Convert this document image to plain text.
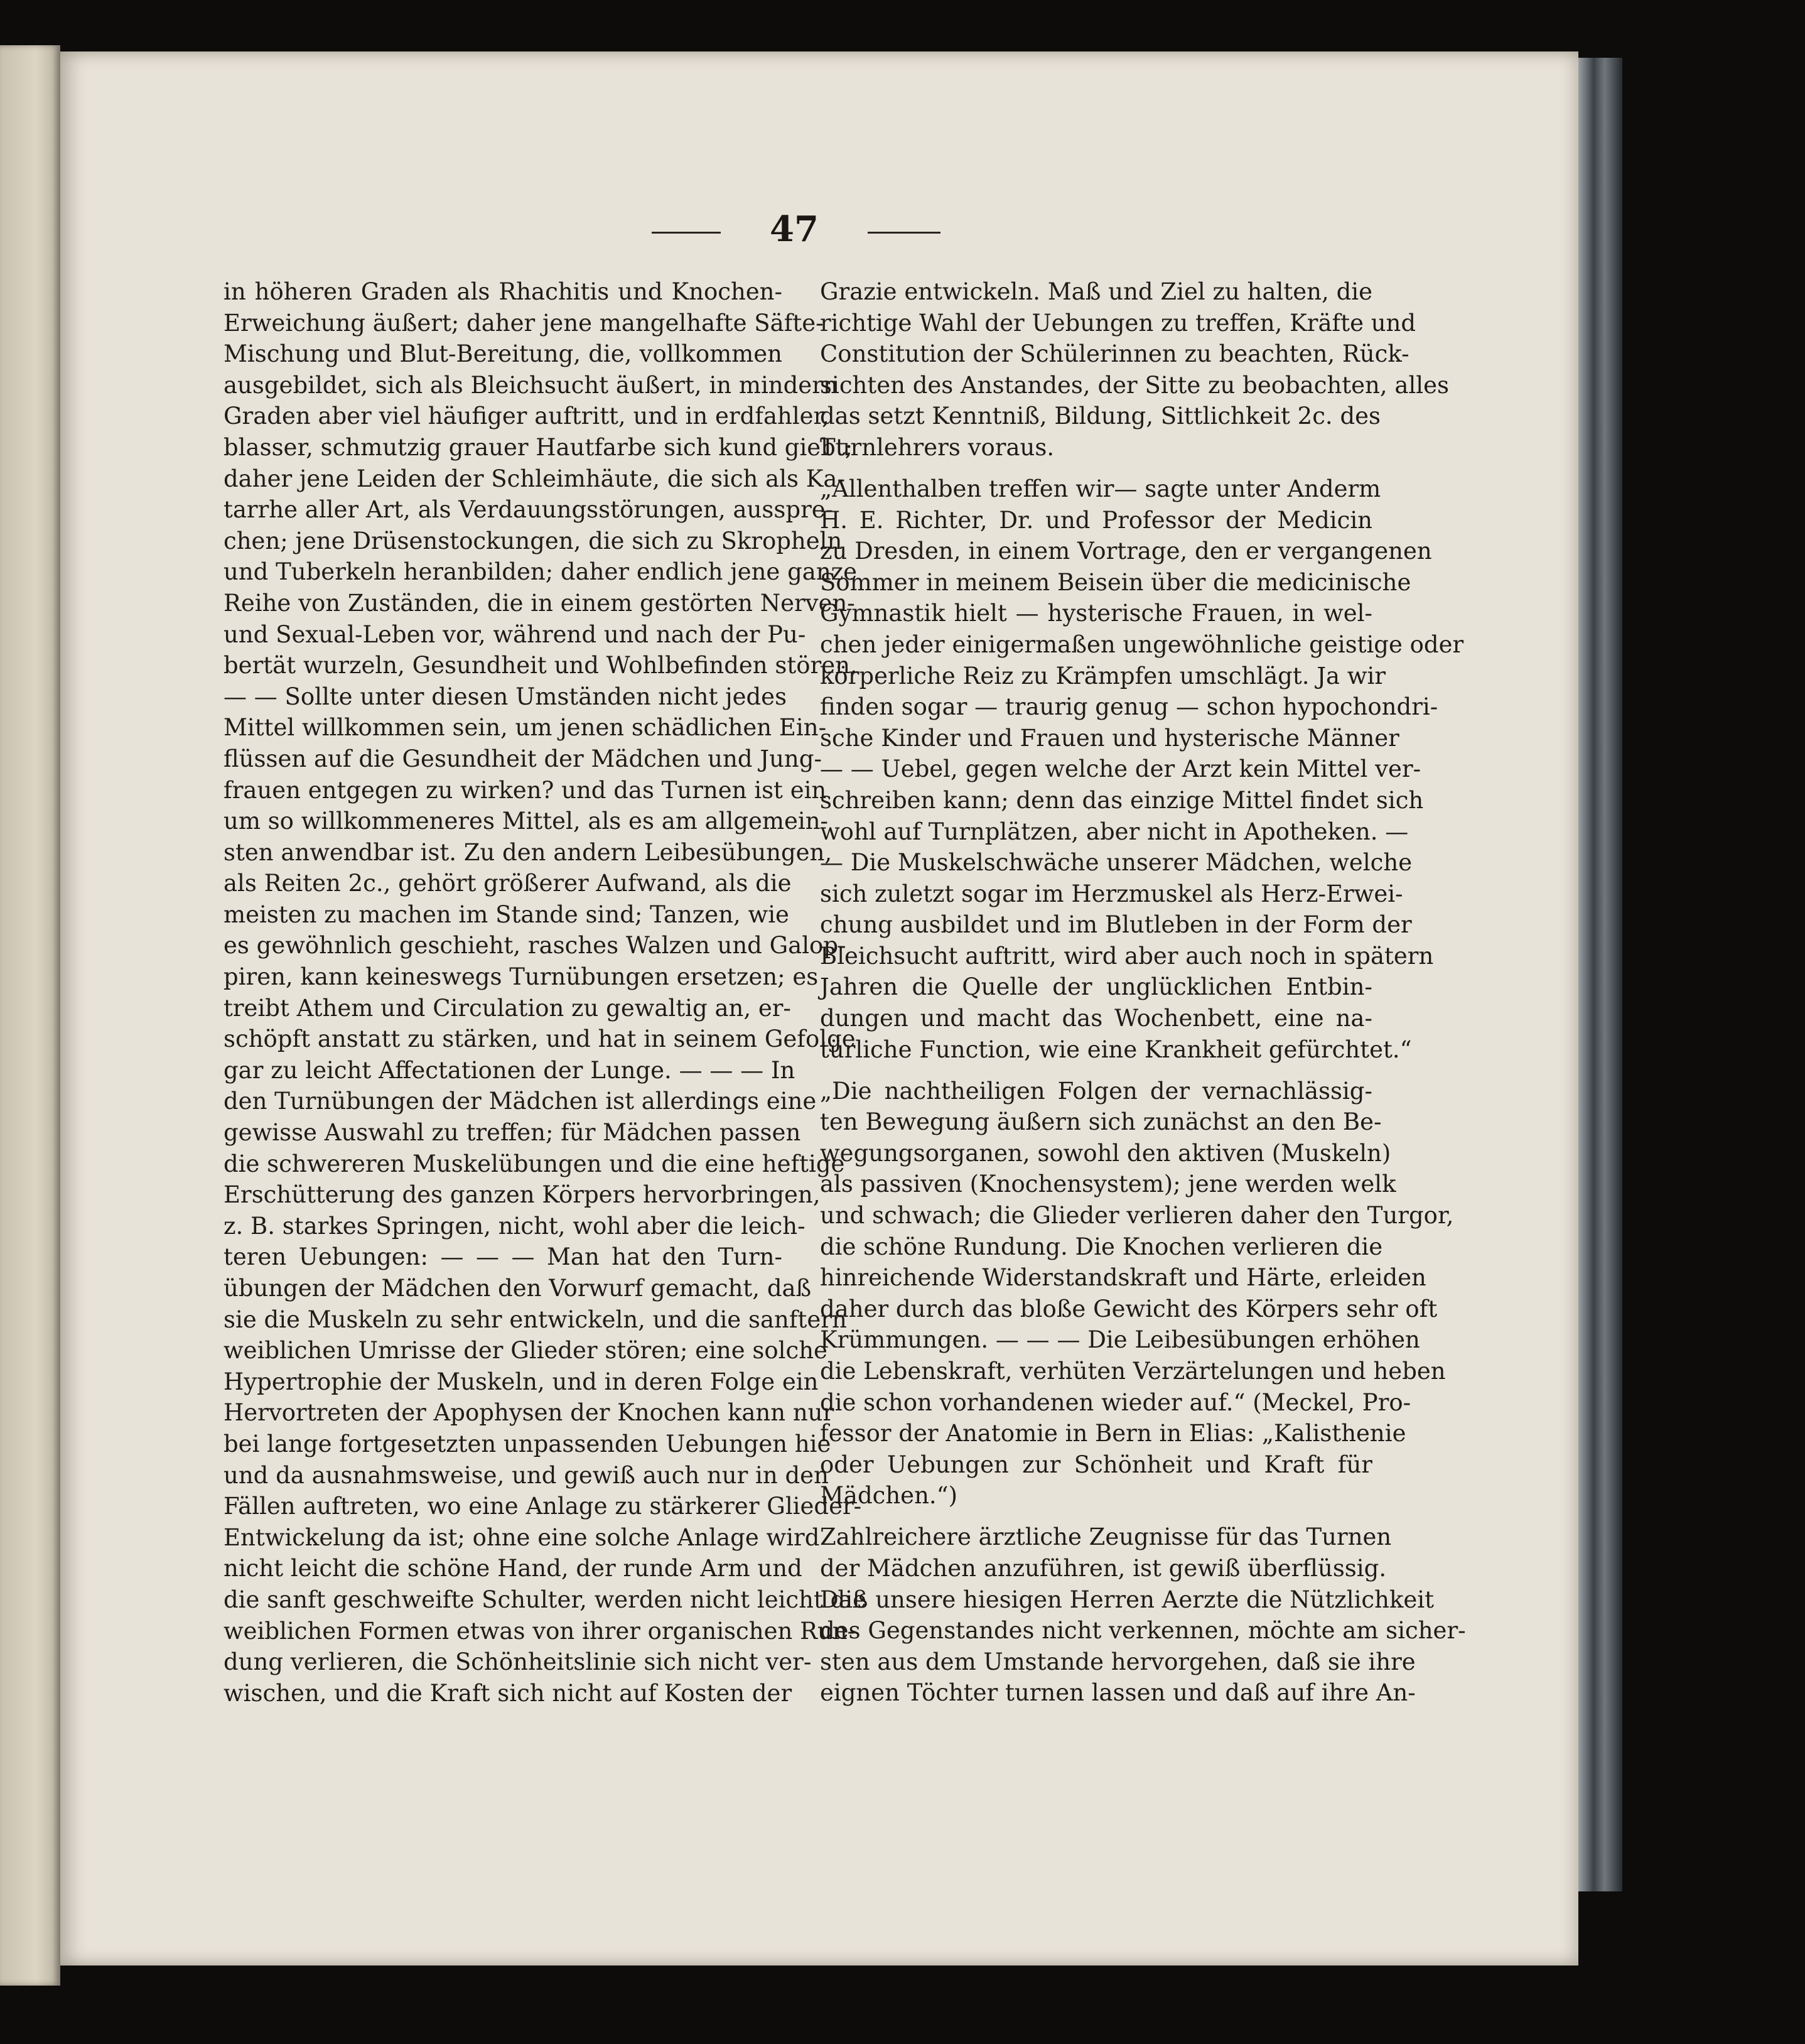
47
in höheren Graden als Rhachitis und Knochen-
Erweichung äußert; daher jene mangelhafte Säfte-
Mischung und Blut-Bereitung, die, vollkommen
ausgebildet, sich als Bleichsucht äußert, in mindern
Graden aber viel häufiger auftritt, und in erdfahler,
blasser, schmutzig grauer Hautfarbe sich kund giebt;
daher jene Leiden der Schleimhäute, die sich als Ka-
tarrhe aller Art, als Verdauungsstörungen, aussprе-
chen; jene Drüsenstockungen, die sich zu Skropheln
und Tuberkeln heranbilden; daher endlich jene ganze
Reihe von Zuständen, die in einem gestörten Nerven-
und Sexual-Leben vor, während und nach der Pu-
bertät wurzeln, Gesundheit und Wohlbefinden stören.
— — Sollte unter diesen Umständen nicht jedes
Mittel willkommen sein, um jenen schädlichen Ein-
flüssen auf die Gesundheit der Mädchen und Jung-
frauen entgegen zu wirken? und das Turnen ist ein
um so willkommeneres Mittel, als es am allgemein-
sten anwendbar ist. Zu den andern Leibesübungen,
als Reiten 2c., gehört größerer Aufwand, als die
meisten zu machen im Stande sind; Tanzen, wie
es gewöhnlich geschieht, rasches Walzen und Galop-
piren, kann keineswegs Turnübungen ersetzen; es
treibt Athem und Circulation zu gewaltig an, er-
schöpft anstatt zu stärken, und hat in seinem Gefolge
gar zu leicht Affectationen der Lunge. — — — In
den Turnübungen der Mädchen ist allerdings eine
gewisse Auswahl zu treffen; für Mädchen passen
die schwereren Muskelübungen und die eine heftige
Erschütterung des ganzen Körpers hervorbringen,
z. B. starkes Springen, nicht, wohl aber die leich-
teren Uebungen: — — — Man hat den Turn-
übungen der Mädchen den Vorwurf gemacht, daß
sie die Muskeln zu sehr entwickeln, und die sanftern
weiblichen Umrisse der Glieder stören; eine solche
Hypertrophie der Muskeln, und in deren Folge ein
Hervortreten der Apophysen der Knochen kann nur
bei lange fortgesetzten unpassenden Uebungen hie
und da ausnahmsweise, und gewiß auch nur in den
Fällen auftreten, wo eine Anlage zu stärkerer Glieder-
Entwickelung da ist; ohne eine solche Anlage wird
nicht leicht die schöne Hand, der runde Arm und
die sanft geschweifte Schulter, werden nicht leicht die
weiblichen Formen etwas von ihrer organischen Run-
dung verlieren, die Schönheitslinie sich nicht ver-
wischen, und die Kraft sich nicht auf Kosten der
Grazie entwickeln. Maß und Ziel zu halten, die
richtige Wahl der Uebungen zu treffen, Kräfte und
Constitution der Schülerinnen zu beachten, Rück-
sichten des Anstandes, der Sitte zu beobachten, alles
das setzt Kenntniß, Bildung, Sittlichkeit 2c. des
Turnlehrers voraus.
„Allenthalben treffen wir— sagte unter Anderm
H. E. Richter, Dr. und Professor der Medicin
zu Dresden, in einem Vortrage, den er vergangenen
Sommer in meinem Beisein über die medicinische
Gymnastik hielt — hysterische Frauen, in wel-
chen jeder einigermaßen ungewöhnliche geistige oder
körperliche Reiz zu Krämpfen umschlägt. Ja wir
finden sogar — traurig genug — schon hypochondri-
sche Kinder und Frauen und hysterische Männer
— — Uebel, gegen welche der Arzt kein Mittel ver-
schreiben kann; denn das einzige Mittel findet sich
wohl auf Turnplätzen, aber nicht in Apotheken. —
— Die Muskelschwäche unserer Mädchen, welche
sich zuletzt sogar im Herzmuskel als Herz-Erwei-
chung ausbildet und im Blutleben in der Form der
Bleichsucht auftritt, wird aber auch noch in spätern
Jahren die Quelle der unglücklichen Entbin-
dungen und macht das Wochenbett, eine na-
türliche Function, wie eine Krankheit gefürchtet.“
„Die nachtheiligen Folgen der vernachlässig-
ten Bewegung äußern sich zunächst an den Be-
wegungsorganen, sowohl den aktiven (Muskeln)
als passiven (Knochensystem); jene werden welk
und schwach; die Glieder verlieren daher den Turgor,
die schöne Rundung. Die Knochen verlieren die
hinreichende Widerstandskraft und Härte, erleiden
daher durch das bloße Gewicht des Körpers sehr oft
Krümmungen. — — — Die Leibesübungen erhöhen
die Lebenskraft, verhüten Verzärtelungen und heben
die schon vorhandenen wieder auf.“ (Meckel, Pro-
fessor der Anatomie in Bern in Elias: „Kalisthenie
oder Uebungen zur Schönheit und Kraft für
Mädchen.“)
Zahlreichere ärztliche Zeugnisse für das Turnen
der Mädchen anzuführen, ist gewiß überflüssig.
Daß unsere hiesigen Herren Aerzte die Nützlichkeit
des Gegenstandes nicht verkennen, möchte am sicher-
sten aus dem Umstande hervorgehen, daß sie ihre
eignen Töchter turnen lassen und daß auf ihre An-
